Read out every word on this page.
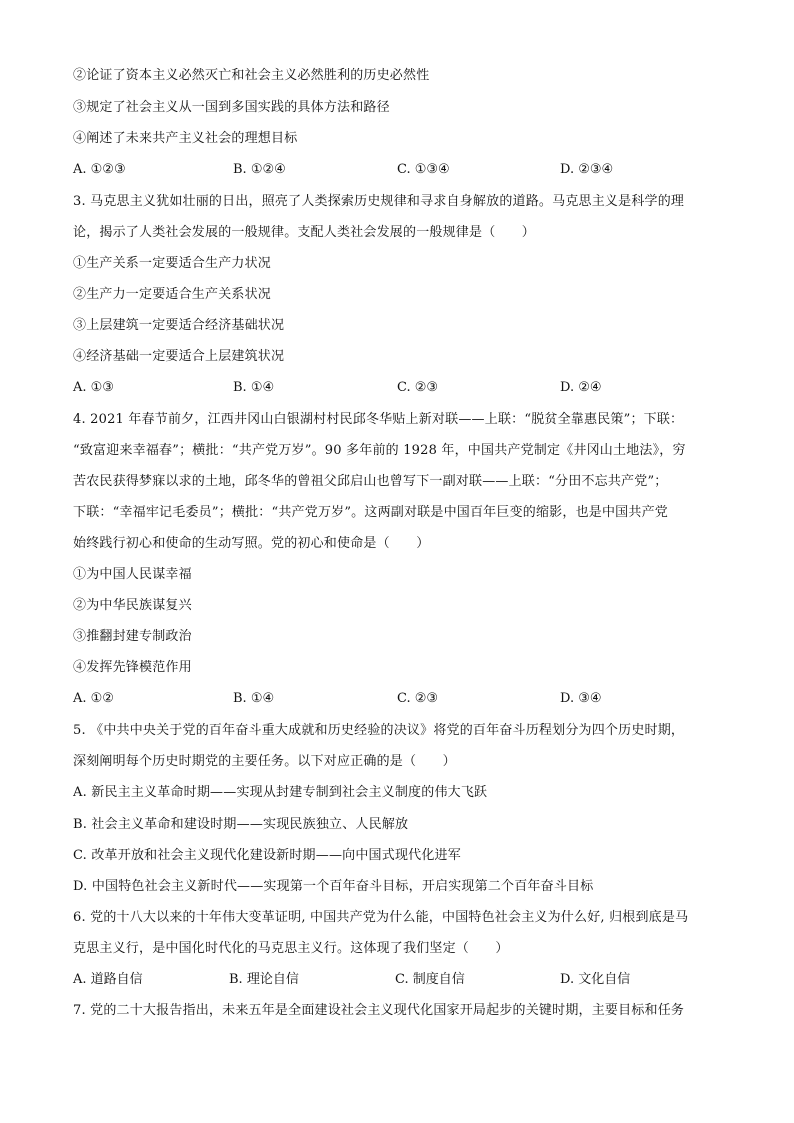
②论证了资本主义必然灭亡和社会主义必然胜利的历史必然性
③规定了社会主义从一国到多国实践的具体方法和路径
④阐述了未来共产主义社会的理想目标
A. ①②③	B. ①②④	C. ①③④	D. ②③④
3. 马克思主义犹如壮丽的日出，照亮了人类探索历史规律和寻求自身解放的道路。马克思主义是科学的理
论，揭示了人类社会发展的一般规律。支配人类社会发展的一般规律是（　　）
①生产关系一定要适合生产力状况
②生产力一定要适合生产关系状况
③上层建筑一定要适合经济基础状况
④经济基础一定要适合上层建筑状况
A. ①③	B. ①④	C. ②③	D. ②④
4. 2021 年春节前夕，江西井冈山白银湖村村民邱冬华贴上新对联——上联：“脱贫全靠惠民策”；下联：
“致富迎来幸福春”；横批：“共产党万岁”。90 多年前的 1928 年，中国共产党制定《井冈山土地法》，穷
苦农民获得梦寐以求的土地，邱冬华的曾祖父邱启山也曾写下一副对联——上联：“分田不忘共产党”；
下联：“幸福牢记毛委员”；横批：“共产党万岁”。这两副对联是中国百年巨变的缩影，也是中国共产党
始终践行初心和使命的生动写照。党的初心和使命是（　　）
①为中国人民谋幸福
②为中华民族谋复兴
③推翻封建专制政治
④发挥先锋模范作用
A. ①②	B. ①④	C. ②③	D. ③④
5. 《中共中央关于党的百年奋斗重大成就和历史经验的决议》将党的百年奋斗历程划分为四个历史时期，
深刻阐明每个历史时期党的主要任务。以下对应正确的是（　　）
A. 新民主主义革命时期——实现从封建专制到社会主义制度的伟大飞跃
B. 社会主义革命和建设时期——实现民族独立、人民解放
C. 改革开放和社会主义现代化建设新时期——向中国式现代化进军
D. 中国特色社会主义新时代——实现第一个百年奋斗目标，开启实现第二个百年奋斗目标
6. 党的十八大以来的十年伟大变革证明, 中国共产党为什么能，中国特色社会主义为什么好, 归根到底是马
克思主义行，是中国化时代化的马克思主义行。这体现了我们坚定（　　）
A. 道路自信	B. 理论自信	C. 制度自信	D. 文化自信
7. 党的二十大报告指出，未来五年是全面建设社会主义现代化国家开局起步的关键时期，主要目标和任务
